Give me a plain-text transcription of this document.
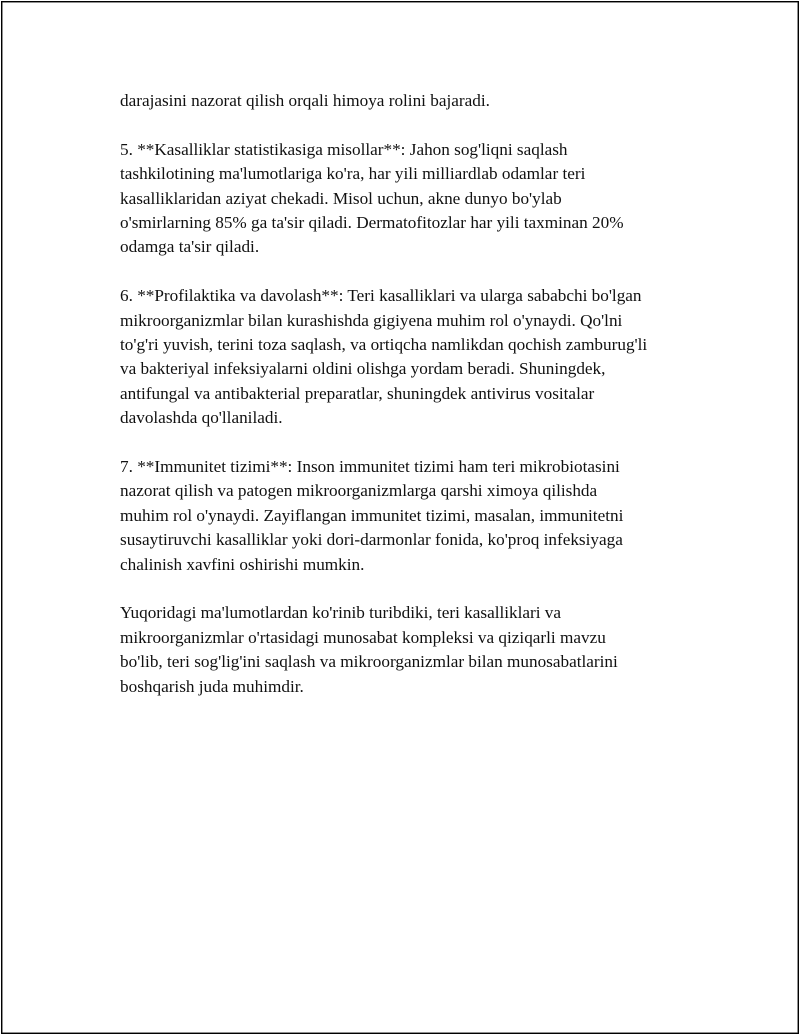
darajasini nazorat qilish orqali himoya rolini bajaradi.

5. **Kasalliklar statistikasiga misollar**: Jahon sog'liqni saqlash
tashkilotining ma'lumotlariga ko'ra, har yili milliardlab odamlar teri
kasalliklaridan aziyat chekadi. Misol uchun, akne dunyo bo'ylab
o'smirlarning 85% ga ta'sir qiladi. Dermatofitozlar har yili taxminan 20%
odamga ta'sir qiladi.

6. **Profilaktika va davolash**: Teri kasalliklari va ularga sababchi bo'lgan
mikroorganizmlar bilan kurashishda gigiyena muhim rol o'ynaydi. Qo'lni
to'g'ri yuvish, terini toza saqlash, va ortiqcha namlikdan qochish zamburug'li
va bakteriyal infeksiyalarni oldini olishga yordam beradi. Shuningdek,
antifungal va antibakterial preparatlar, shuningdek antivirus vositalar
davolashda qo'llaniladi.

7. **Immunitet tizimi**: Inson immunitet tizimi ham teri mikrobiotasini
nazorat qilish va patogen mikroorganizmlarga qarshi ximoya qilishda
muhim rol o'ynaydi. Zayiflangan immunitet tizimi, masalan, immunitetni
susaytiruvchi kasalliklar yoki dori-darmonlar fonida, ko'proq infeksiyaga
chalinish xavfini oshirishi mumkin.

Yuqoridagi ma'lumotlardan ko'rinib turibdiki, teri kasalliklari va
mikroorganizmlar o'rtasidagi munosabat kompleksi va qiziqarli mavzu
bo'lib, teri sog'lig'ini saqlash va mikroorganizmlar bilan munosabatlarini
boshqarish juda muhimdir.
